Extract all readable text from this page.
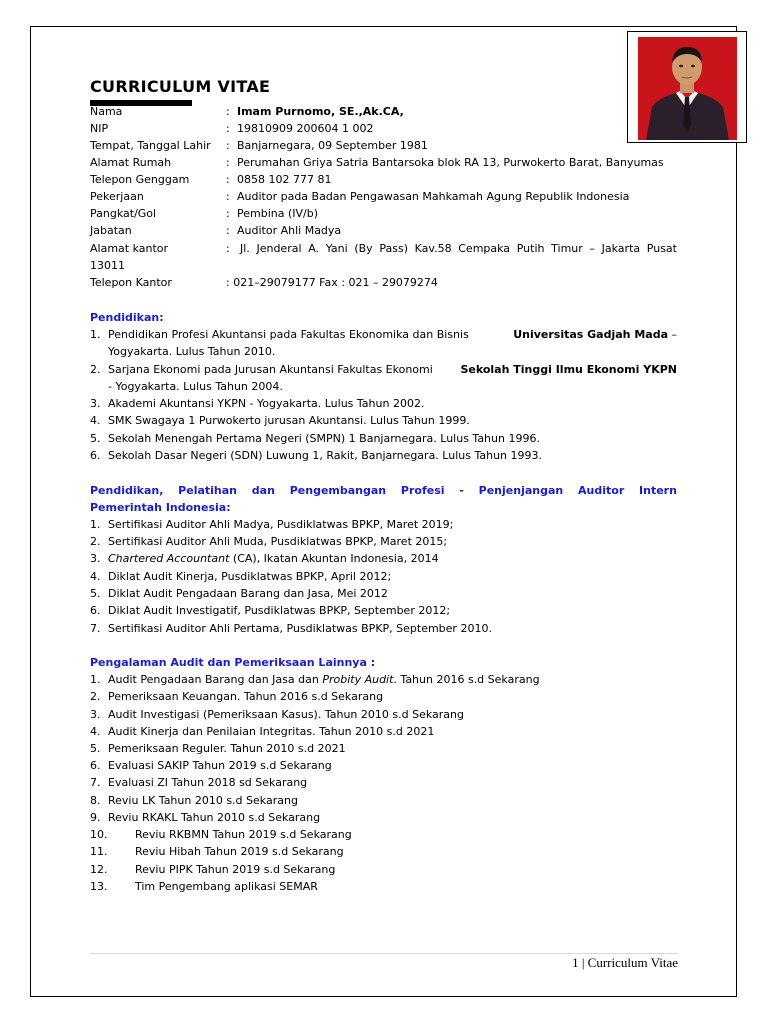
CURRICULUM VITAE
Nama	: Imam Purnomo, SE.,Ak.CA,
NIP	: 19810909 200604 1 002
Tempat, Tanggal Lahir : Banjarnegara, 09 September 1981
Alamat Rumah	: Perumahan Griya Satria Bantarsoka blok RA 13, Purwokerto Barat, Banyumas
Telepon Genggam	: 0858 102 777 81
Pekerjaan	: Auditor pada Badan Pengawasan Mahkamah Agung Republik Indonesia
Pangkat/Gol	: Pembina (IV/b)
Jabatan	: Auditor Ahli Madya
Alamat kantor	: Jl. Jenderal A. Yani (By Pass) Kav.58 Cempaka Putih Timur – Jakarta Pusat
13011
Telepon Kantor	: 021–29079177 Fax : 021 – 29079274
Pendidikan:
1. Pendidikan Profesi Akuntansi pada Fakultas Ekonomika dan Bisnis	Universitas Gadjah Mada –
Yogyakarta. Lulus Tahun 2010.
2. Sarjana Ekonomi pada Jurusan Akuntansi Fakultas Ekonomi Sekolah Tinggi Ilmu Ekonomi YKPN
- Yogyakarta. Lulus Tahun 2004.
3. Akademi Akuntansi YKPN - Yogyakarta. Lulus Tahun 2002.
4. SMK Swagaya 1 Purwokerto jurusan Akuntansi. Lulus Tahun 1999.
5. Sekolah Menengah Pertama Negeri (SMPN) 1 Banjarnegara. Lulus Tahun 1996.
6. Sekolah Dasar Negeri (SDN) Luwung 1, Rakit, Banjarnegara. Lulus Tahun 1993.
Pendidikan, Pelatihan dan Pengembangan Profesi - Penjenjangan Auditor Intern
Pemerintah Indonesia:
1. Sertifikasi Auditor Ahli Madya, Pusdiklatwas BPKP, Maret 2019;
2. Sertifikasi Auditor Ahli Muda, Pusdiklatwas BPKP, Maret 2015;
3. Chartered Accountant (CA), Ikatan Akuntan Indonesia, 2014
4. Diklat Audit Kinerja, Pusdiklatwas BPKP, April 2012;
5. Diklat Audit Pengadaan Barang dan Jasa, Mei 2012
6. Diklat Audit Investigatif, Pusdiklatwas BPKP, September 2012;
7. Sertifikasi Auditor Ahli Pertama, Pusdiklatwas BPKP, September 2010.
Pengalaman Audit dan Pemeriksaan Lainnya :
1. Audit Pengadaan Barang dan Jasa dan Probity Audit. Tahun 2016 s.d Sekarang
2. Pemeriksaan Keuangan. Tahun 2016 s.d Sekarang
3. Audit Investigasi (Pemeriksaan Kasus). Tahun 2010 s.d Sekarang
4. Audit Kinerja dan Penilaian Integritas. Tahun 2010 s.d 2021
5. Pemeriksaan Reguler. Tahun 2010 s.d 2021
6. Evaluasi SAKIP Tahun 2019 s.d Sekarang
7. Evaluasi ZI Tahun 2018 sd Sekarang
8. Reviu LK Tahun 2010 s.d Sekarang
9. Reviu RKAKL Tahun 2010 s.d Sekarang
10.	Reviu RKBMN Tahun 2019 s.d Sekarang
11.	Reviu Hibah Tahun 2019 s.d Sekarang
12.	Reviu PIPK Tahun 2019 s.d Sekarang
13.	Tim Pengembang aplikasi SEMAR
1 | Curriculum Vitae
